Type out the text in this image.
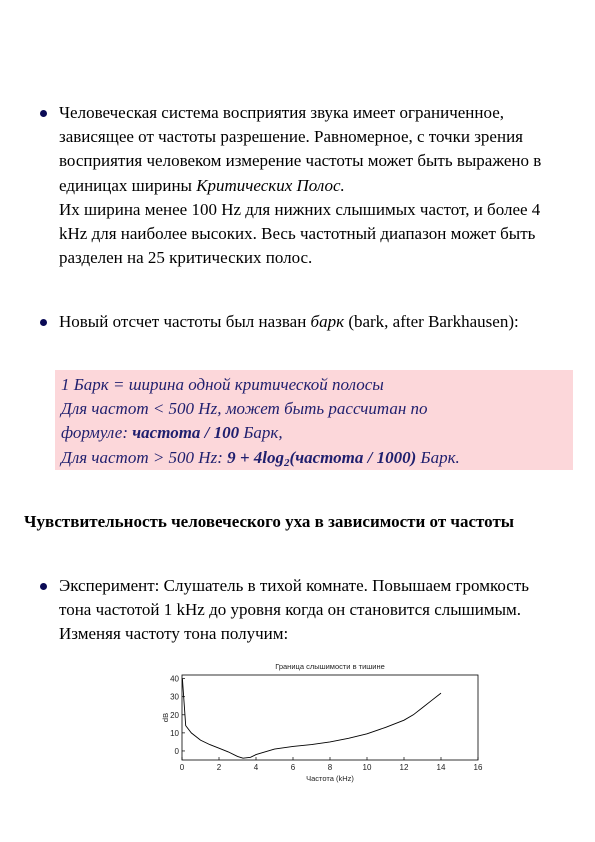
Человеческая система восприятия звука имеет ограниченное, зависящее от частоты разрешение. Равномерное, с точки зрения восприятия человеком измерение частоты может быть выражено в единицах ширины Критических Полос.
Их ширина менее 100 Hz для нижних слышимых частот, и более 4 kHz для наиболее высоких. Весь частотный диапазон может быть разделен на 25 критических полос.
Новый отсчет частоты был назван барк (bark, after Barkhausen):
1 Барк = ширина одной критической полосы
Для частот < 500 Hz, может быть рассчитан по
формуле: частота / 100 Барк,
Для частот > 500 Hz: $9 + 4\log_2(частота / 1000)$ Барк.
Чувствительность человеческого уха в зависимости от частоты
Эксперимент: Слушатель в тихой комнате. Повышаем громкость тона частотой 1 kHz до уровня когда он становится слышимым. Изменяя частоту тона получим:
Граница слышимости в тишине
0	2	4	6	8	10	12	14	16
0
10
20
30
40
Частота (kHz)
dB
